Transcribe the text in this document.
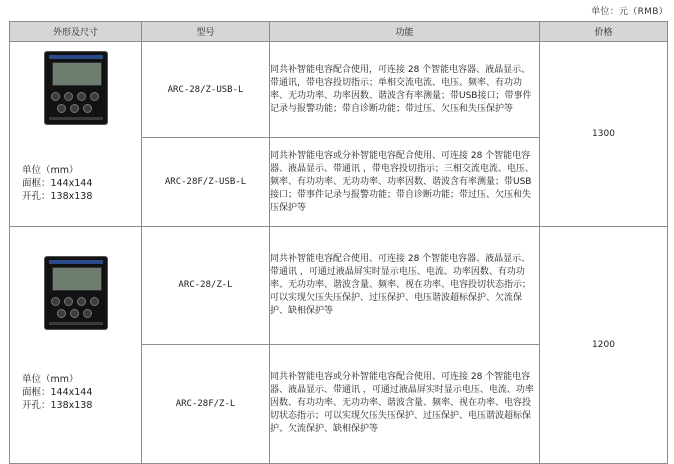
单位：元（RMB）
外形及尺寸	型号	功能	价格

单位（mm）
面框：144x144
开孔：138x138	ARC-28/Z-USB-L	同共补智能电容配合使用，可连接 28 个智能电容器、液晶显示、带通讯，带电容投切指示；单相交流电流、电压、频率、有功功率、无功功率、功率因数、谐波含有率测量；带USB接口；带事件记录与报警功能；带自诊断功能；带过压、欠压和失压保护等	1300
	ARC-28F/Z-USB-L	同共补智能电容或分补智能电容配合使用、可连接 28 个智能电容器、液晶显示、带通讯 ，带电容投切指示；三相交流电流、电压、频率、有功功率、无功功率、功率因数、谐波含有率测量；带USB接口；带事件记录与报警功能；带自诊断功能；带过压、欠压和失压保护等	

单位（mm）
面框：144x144
开孔：138x138	ARC-28/Z-L	同共补智能电容配合使用、可连接 28 个智能电容器、液晶显示、带通讯 ，可通过液晶屏实时显示电压、电流、功率因数、有功功率、无功功率、谐波含量、频率、视在功率、电容投切状态指示；可以实现欠压失压保护、过压保护、电压谐波超标保护、欠流保护、缺相保护等	1200
	ARC-28F/Z-L	同共补智能电容或分补智能电容配合使用、可连接 28 个智能电容器、液晶显示、带通讯 ，可通过液晶屏实时显示电压、电流、功率因数、有功功率、无功功率、谐波含量、频率、视在功率、电容投切状态指示；可以实现欠压失压保护、过压保护、电压谐波超标保护、欠流保护、缺相保护等	
